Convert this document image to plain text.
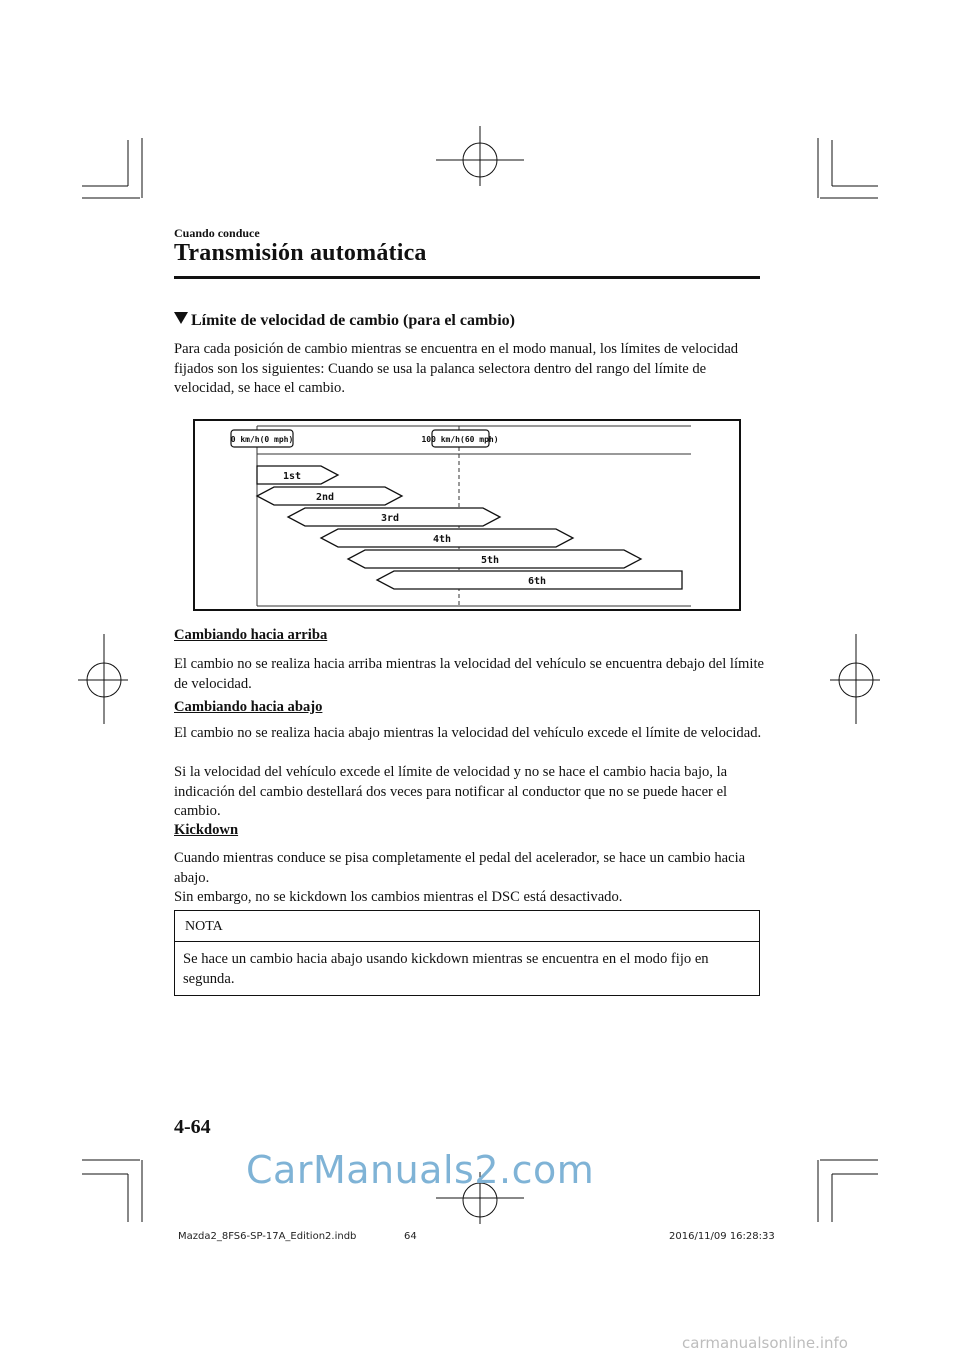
Cuando conduce
Transmisión automática
Límite de velocidad de cambio (para el cambio)
Para cada posición de cambio mientras se encuentra en el modo manual, los límites de velocidad fijados son los siguientes: Cuando se usa la palanca selectora dentro del rango del límite de velocidad, se hace el cambio.
0 km/h(0 mph)	100 km/h(60 mph)
1st
2nd
3rd
4th
5th
6th
Cambiando hacia arriba
El cambio no se realiza hacia arriba mientras la velocidad del vehículo se encuentra debajo del límite de velocidad.
Cambiando hacia abajo
El cambio no se realiza hacia abajo mientras la velocidad del vehículo excede el límite de velocidad.
Si la velocidad del vehículo excede el límite de velocidad y no se hace el cambio hacia bajo, la indicación del cambio destellará dos veces para notificar al conductor que no se puede hacer el cambio.
Kickdown
Cuando mientras conduce se pisa completamente el pedal del acelerador, se hace un cambio hacia abajo.
Sin embargo, no se kickdown los cambios mientras el DSC está desactivado.
NOTA
Se hace un cambio hacia abajo usando kickdown mientras se encuentra en el modo fijo en segunda.
4-64
CarManuals2.com
Mazda2_8FS6-SP-17A_Edition2.indb	64	2016/11/09 16:28:33
carmanualsonline.info
